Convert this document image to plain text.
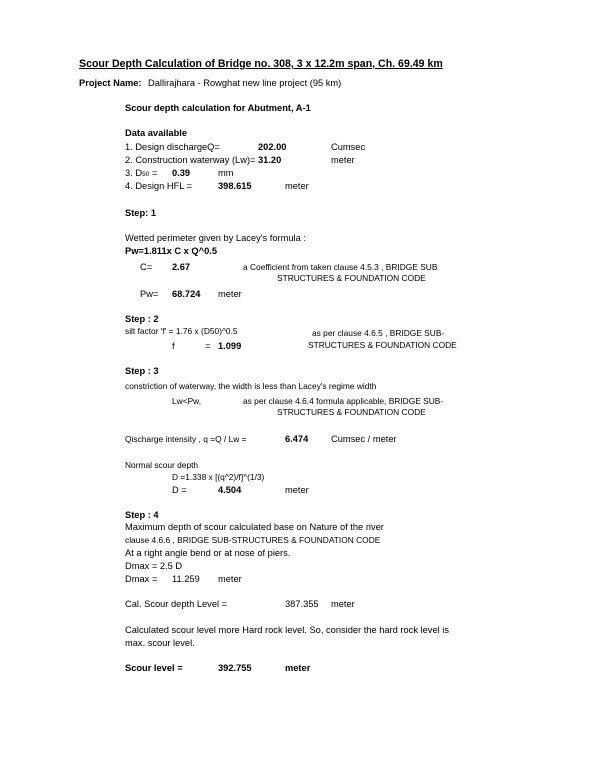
Scour Depth Calculation of Bridge no. 308, 3 x 12.2m span, Ch. 69.49 km
Project Name: Dallirajhara - Rowghat new line project (95 km)
Scour depth calculation for Abutment, A-1
Data available
1. Design dischargeQ=	202.00	Cumsec
2. Construction waterway (Lw)= 31.20	meter
3. D50 = 0.39	mm
4. Design HFL =	398.615	meter
Step: 1
Wetted perimeter given by Lacey's formula :
Pw=1.811x C x Q^0.5
C= 2.67	a Coefficient from taken clause 4.5.3 , BRIDGE SUB
STRUCTURES & FOUNDATION CODE
Pw= 68.724 meter
Step : 2
silt factor 'f' = 1.76 x (D50)^0.5	as per clause 4.6.5 , BRIDGE SUB-
STRUCTURES & FOUNDATION CODE
f	= 1.099
Step : 3
constriction of waterway, the width is less than Lacey's regime width
Lw<Pw,	as per clause 4.6.4 formula applicable, BRIDGE SUB-
STRUCTURES & FOUNDATION CODE
Qischarge intensity , q =Q / Lw =	6.474 Cumsec / meter
Normal scour depth
D =1.338 x [(q^2)/f]^(1/3)
D =	4.504	meter
Step : 4
Maximum depth of scour calculated base on Nature of the river
clause 4.6.6 , BRIDGE SUB-STRUCTURES & FOUNDATION CODE
At a right angle bend or at nose of piers.
Dmax = 2.5 D
Dmax = 11.259 meter
Cal. Scour depth Level =	387.355 meter
Calculated scour level more Hard rock level. So, consider the hard rock level is
max. scour level.
Scour level =	392.755	meter
